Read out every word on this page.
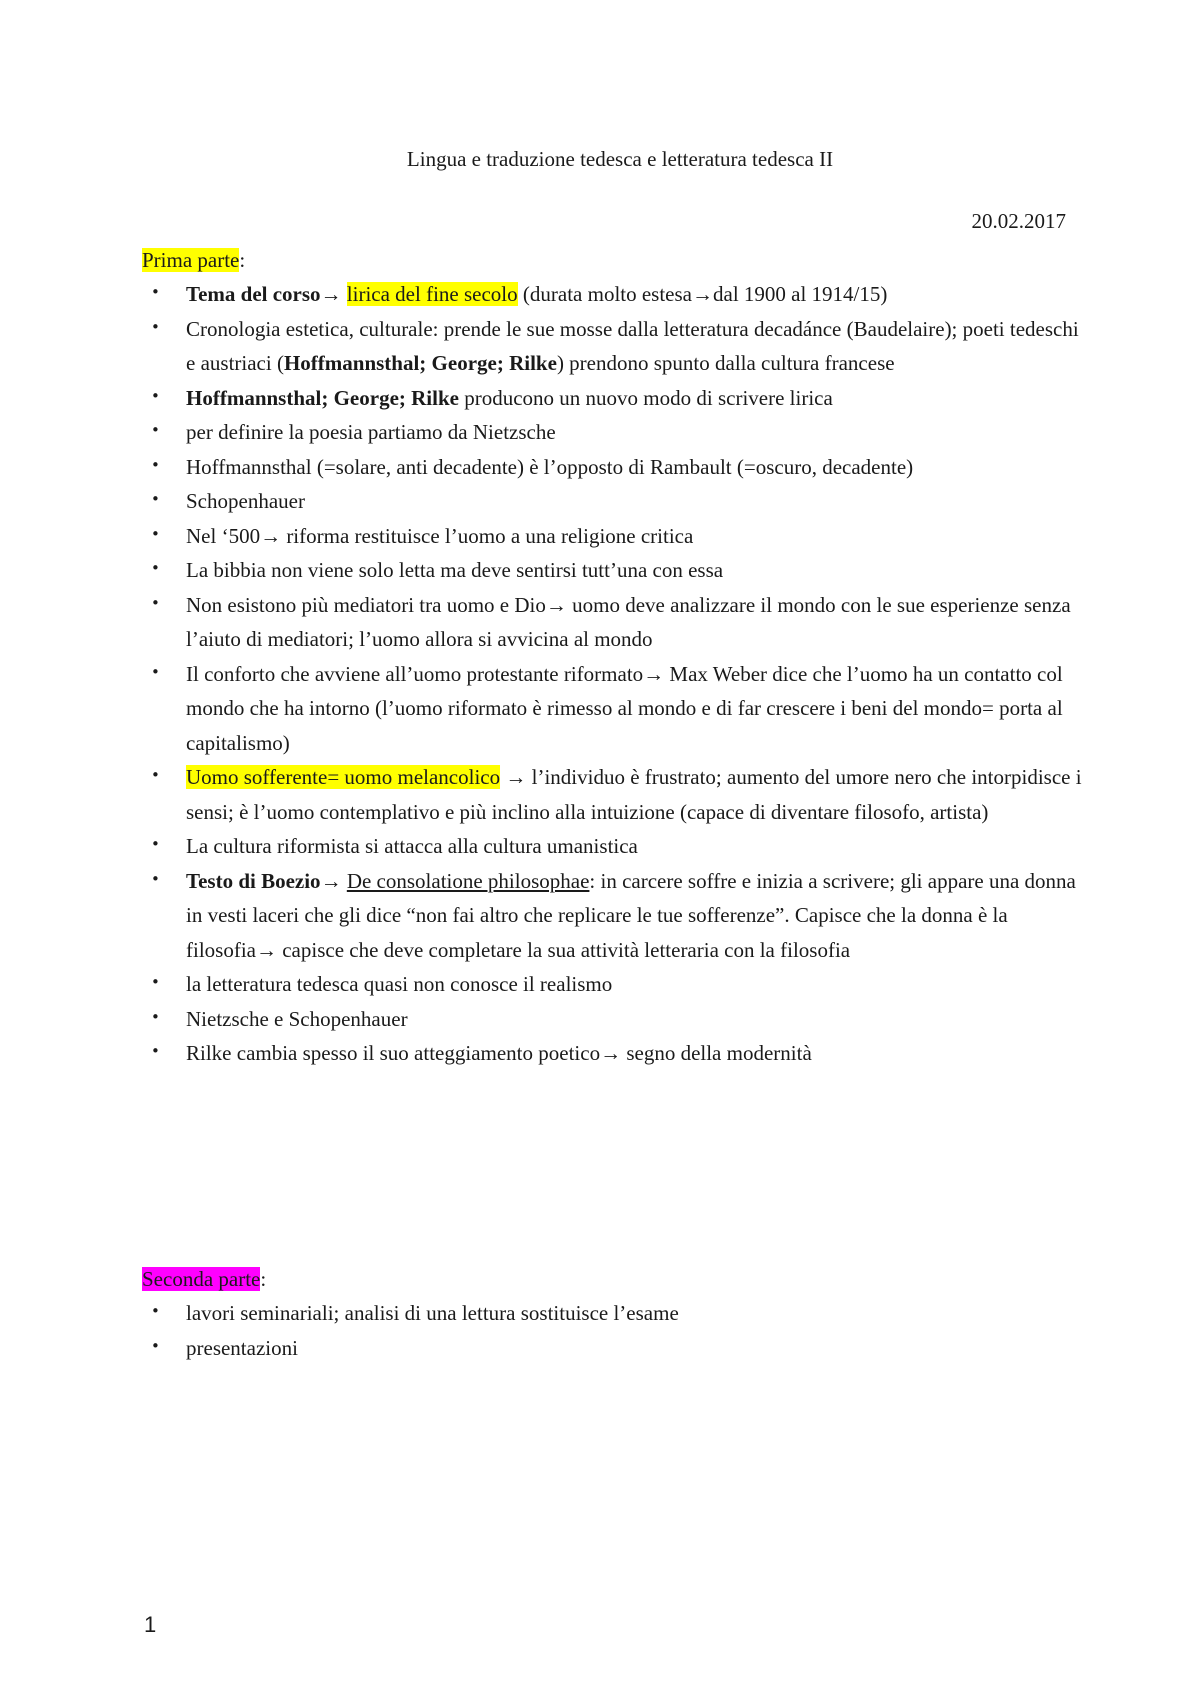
Lingua e traduzione tedesca e letteratura tedesca II
20.02.2017
Prima parte:
• Tema del corso→ lirica del fine secolo (durata molto estesa→dal 1900 al 1914/15)
• Cronologia estetica, culturale: prende le sue mosse dalla letteratura decadánce (Baudelaire); poeti tedeschi e austriaci (Hoffmannsthal; George; Rilke) prendono spunto dalla cultura francese
• Hoffmannsthal; George; Rilke producono un nuovo modo di scrivere lirica
• per definire la poesia partiamo da Nietzsche
• Hoffmannsthal (=solare, anti decadente) è l’opposto di Rambault (=oscuro, decadente)
• Schopenhauer
• Nel ‘500→ riforma restituisce l’uomo a una religione critica
• La bibbia non viene solo letta ma deve sentirsi tutt’una con essa
• Non esistono più mediatori tra uomo e Dio→ uomo deve analizzare il mondo con le sue esperienze senza l’aiuto di mediatori; l’uomo allora si avvicina al mondo
• Il conforto che avviene all’uomo protestante riformato→ Max Weber dice che l’uomo ha un contatto col mondo che ha intorno (l’uomo riformato è rimesso al mondo e di far crescere i beni del mondo= porta al capitalismo)
• Uomo sofferente= uomo melancolico → l’individuo è frustrato; aumento del umore nero che intorpidisce i sensi; è l’uomo contemplativo e più inclino alla intuizione (capace di diventare filosofo, artista)
• La cultura riformista si attacca alla cultura umanistica
• Testo di Boezio→ De consolatione philosophae: in carcere soffre e inizia a scrivere; gli appare una donna in vesti laceri che gli dice “non fai altro che replicare le tue sofferenze”. Capisce che la donna è la filosofia→ capisce che deve completare la sua attività letteraria con la filosofia
• la letteratura tedesca quasi non conosce il realismo
• Nietzsche e Schopenhauer
• Rilke cambia spesso il suo atteggiamento poetico→ segno della modernità
Seconda parte:
• lavori seminariali; analisi di una lettura sostituisce l’esame
• presentazioni
1
